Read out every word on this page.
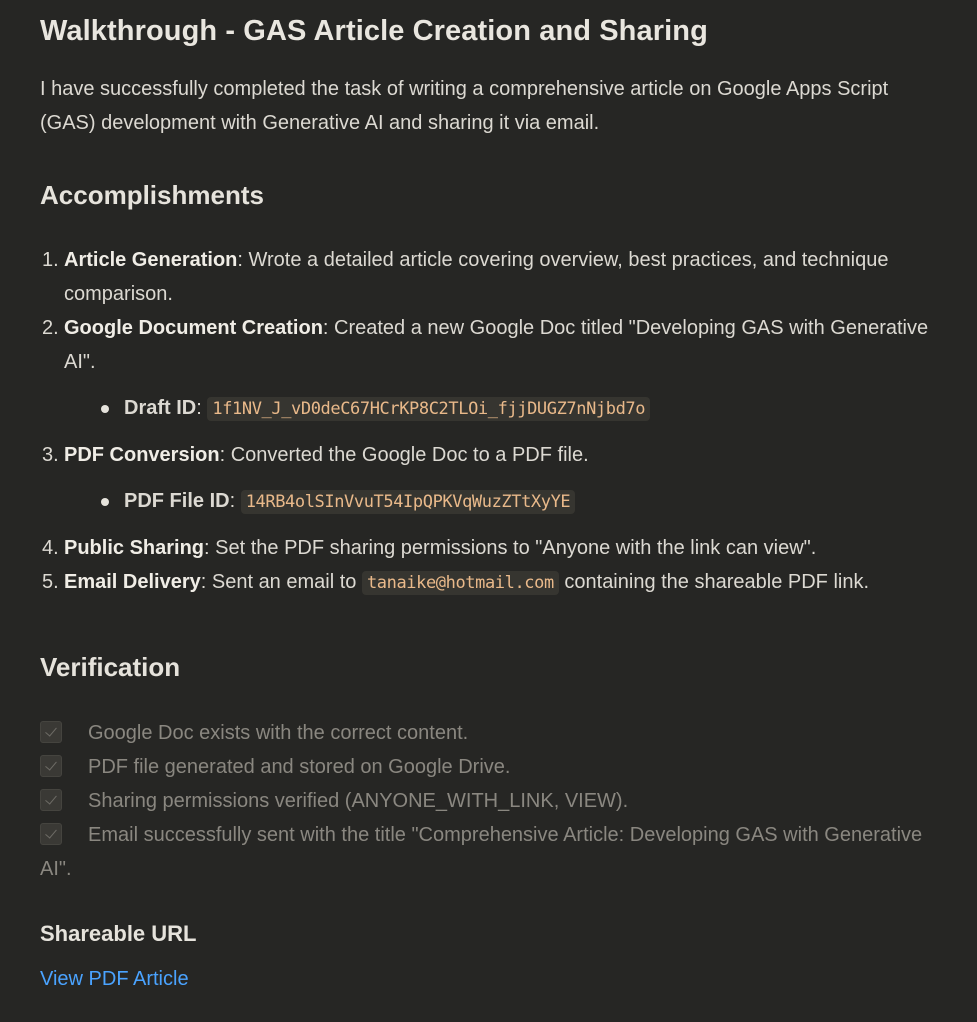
Walkthrough - GAS Article Creation and Sharing

I have successfully completed the task of writing a comprehensive article on Google Apps Script (GAS) development with Generative AI and sharing it via email.

Accomplishments
1. Article Generation: Wrote a detailed article covering overview, best practices, and technique comparison.
2. Google Document Creation: Created a new Google Doc titled "Developing GAS with Generative AI".
Draft ID: 1f1NV_J_vD0deC67HCrKP8C2TLOi_fjjDUGZ7nNjbd7o
3. PDF Conversion: Converted the Google Doc to a PDF file.
PDF File ID: 14RB4olSInVvuT54IpQPKVqWuzZTtXyYE
4. Public Sharing: Set the PDF sharing permissions to "Anyone with the link can view".
5. Email Delivery: Sent an email to tanaike@hotmail.com containing the shareable PDF link.
Verification
Google Doc exists with the correct content.
PDF file generated and stored on Google Drive.
Sharing permissions verified (ANYONE_WITH_LINK, VIEW).
Email successfully sent with the title "Comprehensive Article: Developing GAS with Generative AI".
Shareable URL
View PDF Article
